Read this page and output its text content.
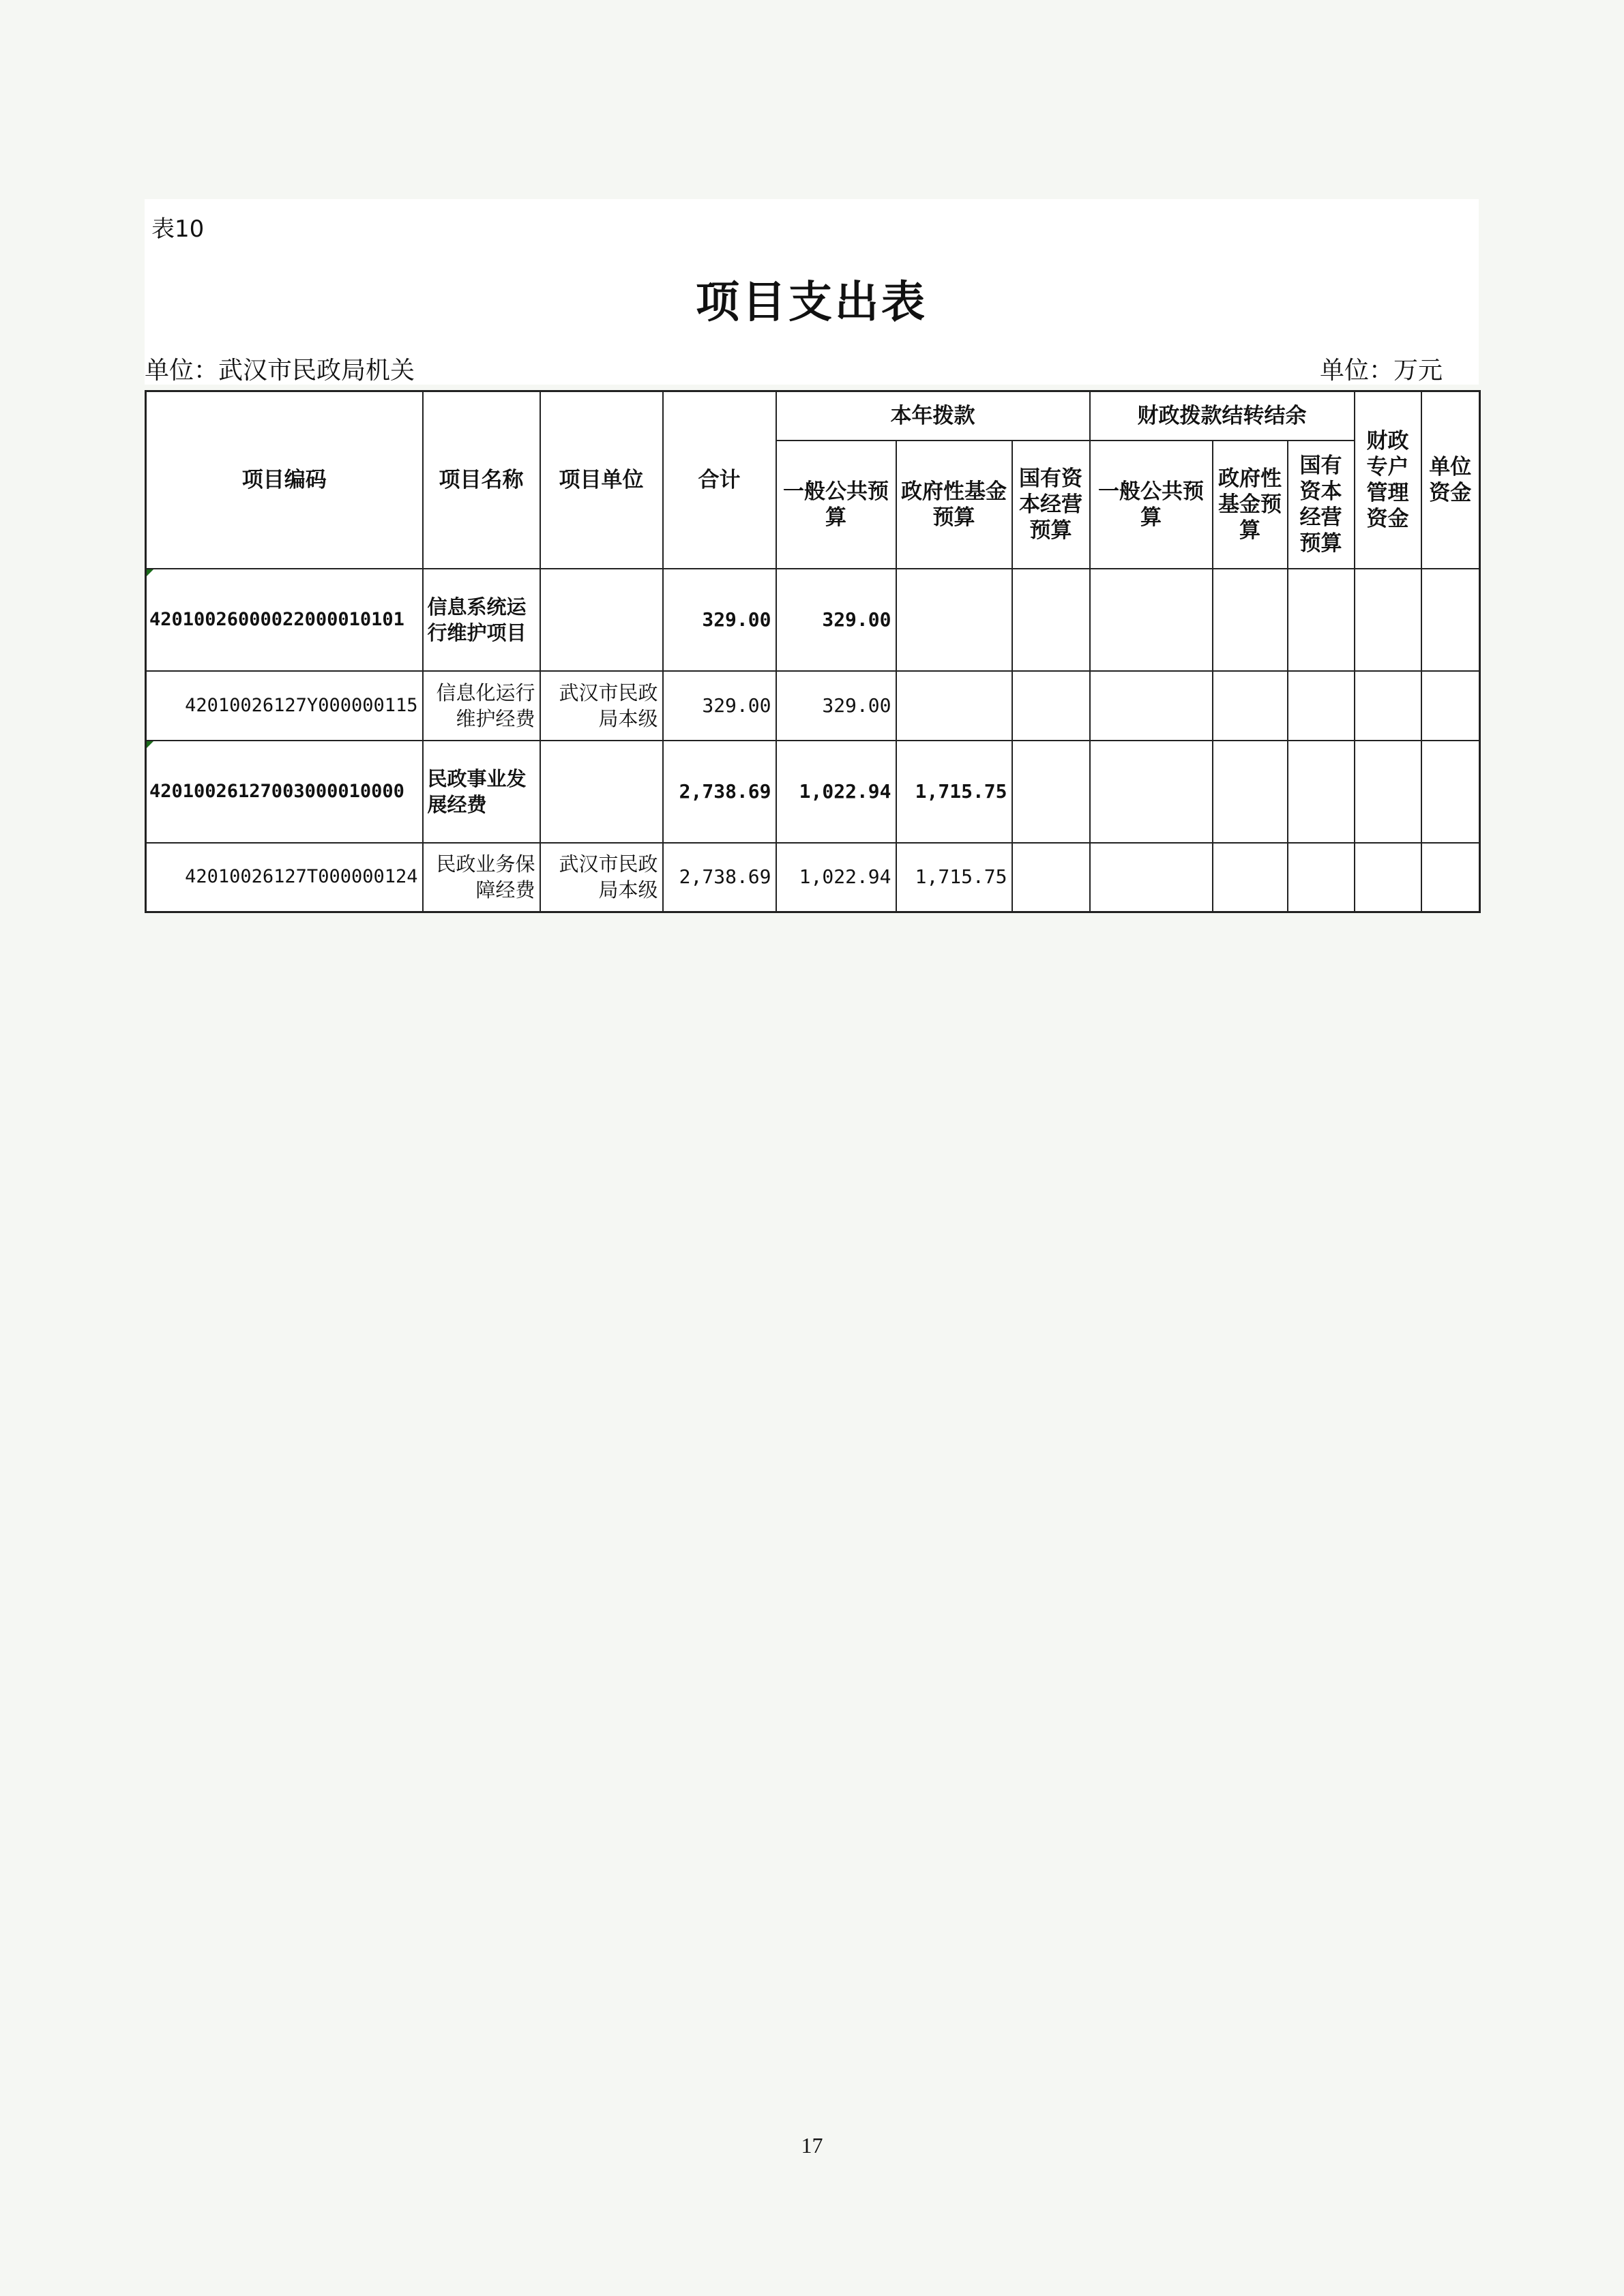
表10
项目支出表
单位：武汉市民政局机关	单位：万元
项目编码	项目名称	项目单位	合计	本年拨款			财政拨款结转结余			财政专户管理资金	单位资金
				一般公共预算	政府性基金预算	国有资本经营预算	一般公共预算	政府性基金预算	国有资本经营预算		
42010026000022000010101	信息系统运行维护项目		329.00	329.00							
42010026127Y000000115	信息化运行维护经费	武汉市民政局本级	329.00	329.00							
42010026127003000010000	民政事业发展经费		2,738.69	1,022.94	1,715.75						
42010026127T000000124	民政业务保障经费	武汉市民政局本级	2,738.69	1,022.94	1,715.75						
17
